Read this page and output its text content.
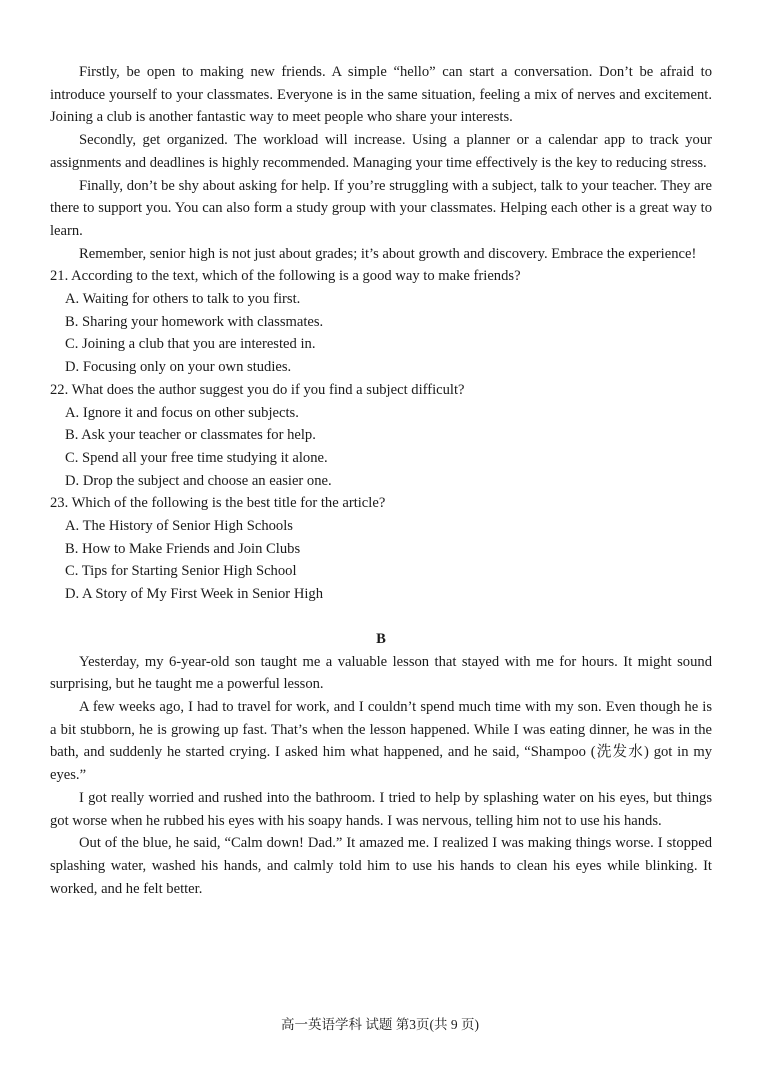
Firstly, be open to making new friends. A simple “hello” can start a conversation. Don’t be afraid to introduce yourself to your classmates. Everyone is in the same situation, feeling a mix of nerves and excitement. Joining a club is another fantastic way to meet people who share your interests.

Secondly, get organized. The workload will increase. Using a planner or a calendar app to track your assignments and deadlines is highly recommended. Managing your time effectively is the key to reducing stress.

Finally, don’t be shy about asking for help. If you’re struggling with a subject, talk to your teacher. They are there to support you. You can also form a study group with your classmates. Helping each other is a great way to learn.

Remember, senior high is not just about grades; it’s about growth and discovery. Embrace the experience!

21. According to the text, which of the following is a good way to make friends?

A. Waiting for others to talk to you first.
B. Sharing your homework with classmates.
C. Joining a club that you are interested in.
D. Focusing only on your own studies.

22. What does the author suggest you do if you find a subject difficult?

A. Ignore it and focus on other subjects.
B. Ask your teacher or classmates for help.
C. Spend all your free time studying it alone.
D. Drop the subject and choose an easier one.

23. Which of the following is the best title for the article?

A. The History of Senior High Schools
B. How to Make Friends and Join Clubs
C. Tips for Starting Senior High School
D. A Story of My First Week in Senior High
B

Yesterday, my 6-year-old son taught me a valuable lesson that stayed with me for hours. It might sound surprising, but he taught me a powerful lesson.

A few weeks ago, I had to travel for work, and I couldn’t spend much time with my son. Even though he is a bit stubborn, he is growing up fast. That’s when the lesson happened. While I was eating dinner, he was in the bath, and suddenly he started crying. I asked him what happened, and he said, “Shampoo (洗发水) got in my eyes.”

I got really worried and rushed into the bathroom. I tried to help by splashing water on his eyes, but things got worse when he rubbed his eyes with his soapy hands. I was nervous, telling him not to use his hands.

Out of the blue, he said, “Calm down! Dad.” It amazed me. I realized I was making things worse. I stopped splashing water, washed his hands, and calmly told him to use his hands to clean his eyes while blinking. It worked, and he felt better.

高一英语学科 试题 第3页(共 9 页)
